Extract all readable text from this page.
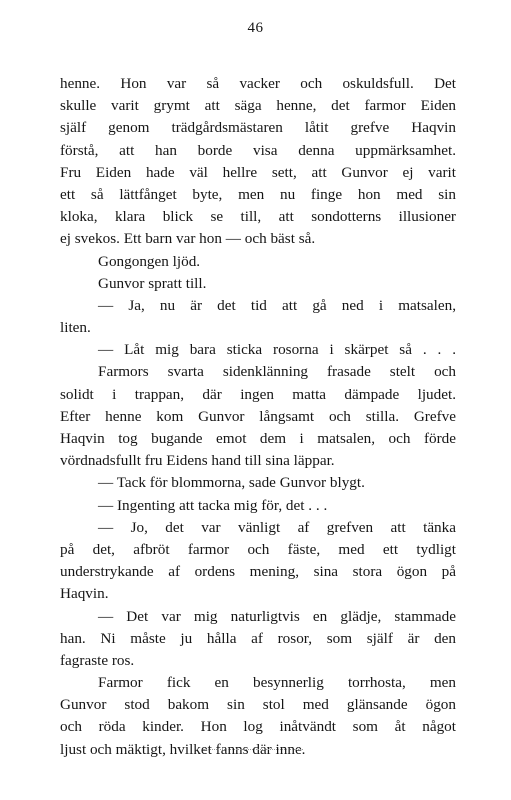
46
henne. Hon var så vacker och oskuldsfull. Det
skulle varit grymt att säga henne, det farmor Eiden
själf genom trädgårdsmästaren låtit grefve Haqvin
förstå, att han borde visa denna uppmärksamhet.
Fru Eiden hade väl hellre sett, att Gunvor ej varit
ett så lättfånget byte, men nu finge hon med sin
kloka, klara blick se till, att sondotterns illusioner
ej svekos. Ett barn var hon — och bäst så.
Gongongen ljöd.
Gunvor spratt till.
— Ja, nu är det tid att gå ned i matsalen,
liten.
— Låt mig bara sticka rosorna i skärpet så . . .
Farmors svarta sidenklänning frasade stelt och
solidt i trappan, där ingen matta dämpade ljudet.
Efter henne kom Gunvor långsamt och stilla. Grefve
Haqvin tog bugande emot dem i matsalen, och förde
vördnadsfullt fru Eidens hand till sina läppar.
— Tack för blommorna, sade Gunvor blygt.
— Ingenting att tacka mig för, det . . .
— Jo, det var vänligt af grefven att tänka
på det, afbröt farmor och fäste, med ett tydligt
understrykande af ordens mening, sina stora ögon på
Haqvin.
— Det var mig naturligtvis en glädje, stammade
han. Ni måste ju hålla af rosor, som själf är den
fagraste ros.
Farmor fick en besynnerlig torrhosta, men
Gunvor stod bakom sin stol med glänsande ögon
och röda kinder. Hon log inåtvändt som åt något
ljust och mäktigt, hvilket fanns där inne.
